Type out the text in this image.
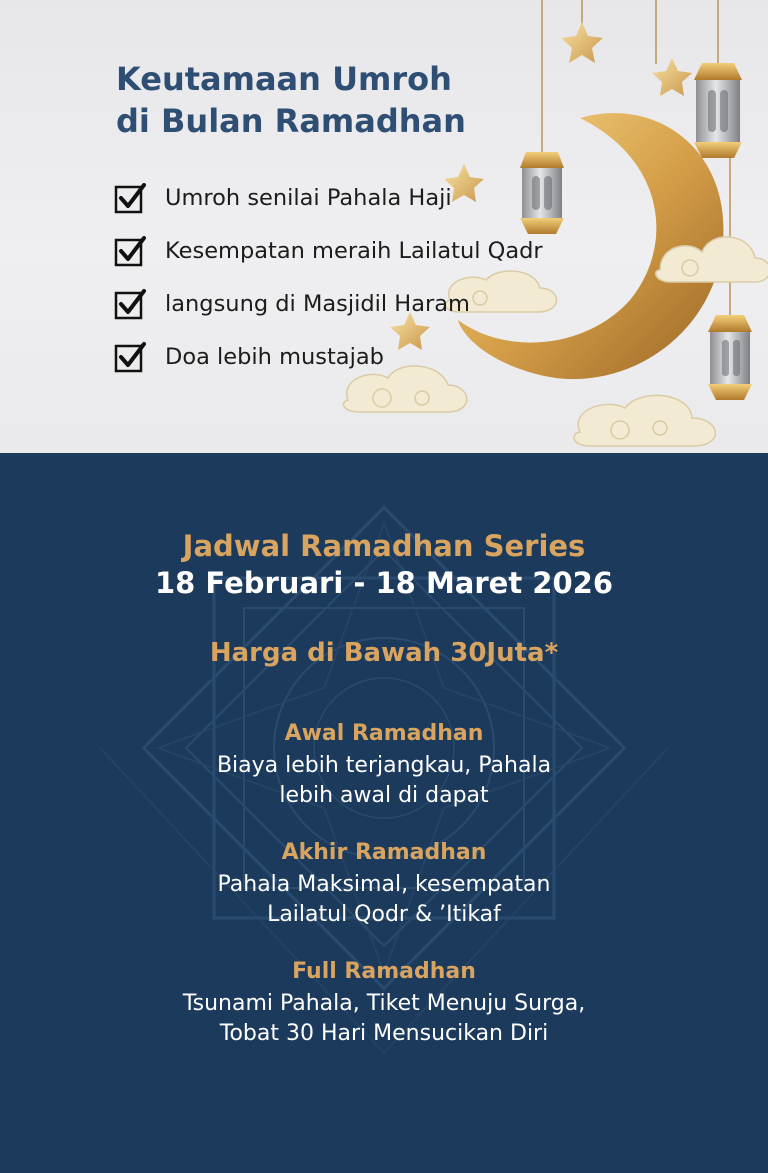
Keutamaan Umroh
di Bulan Ramadhan
Umroh senilai Pahala Haji
Kesempatan meraih Lailatul Qadr
langsung di Masjidil Haram
Doa lebih mustajab
Jadwal Ramadhan Series
18 Februari - 18 Maret 2026
Harga di Bawah 30Juta*
Awal Ramadhan
Biaya lebih terjangkau, Pahala
lebih awal di dapat
Akhir Ramadhan
Pahala Maksimal, kesempatan
Lailatul Qodr & ’Itikaf
Full Ramadhan
Tsunami Pahala, Tiket Menuju Surga,
Tobat 30 Hari Mensucikan Diri
